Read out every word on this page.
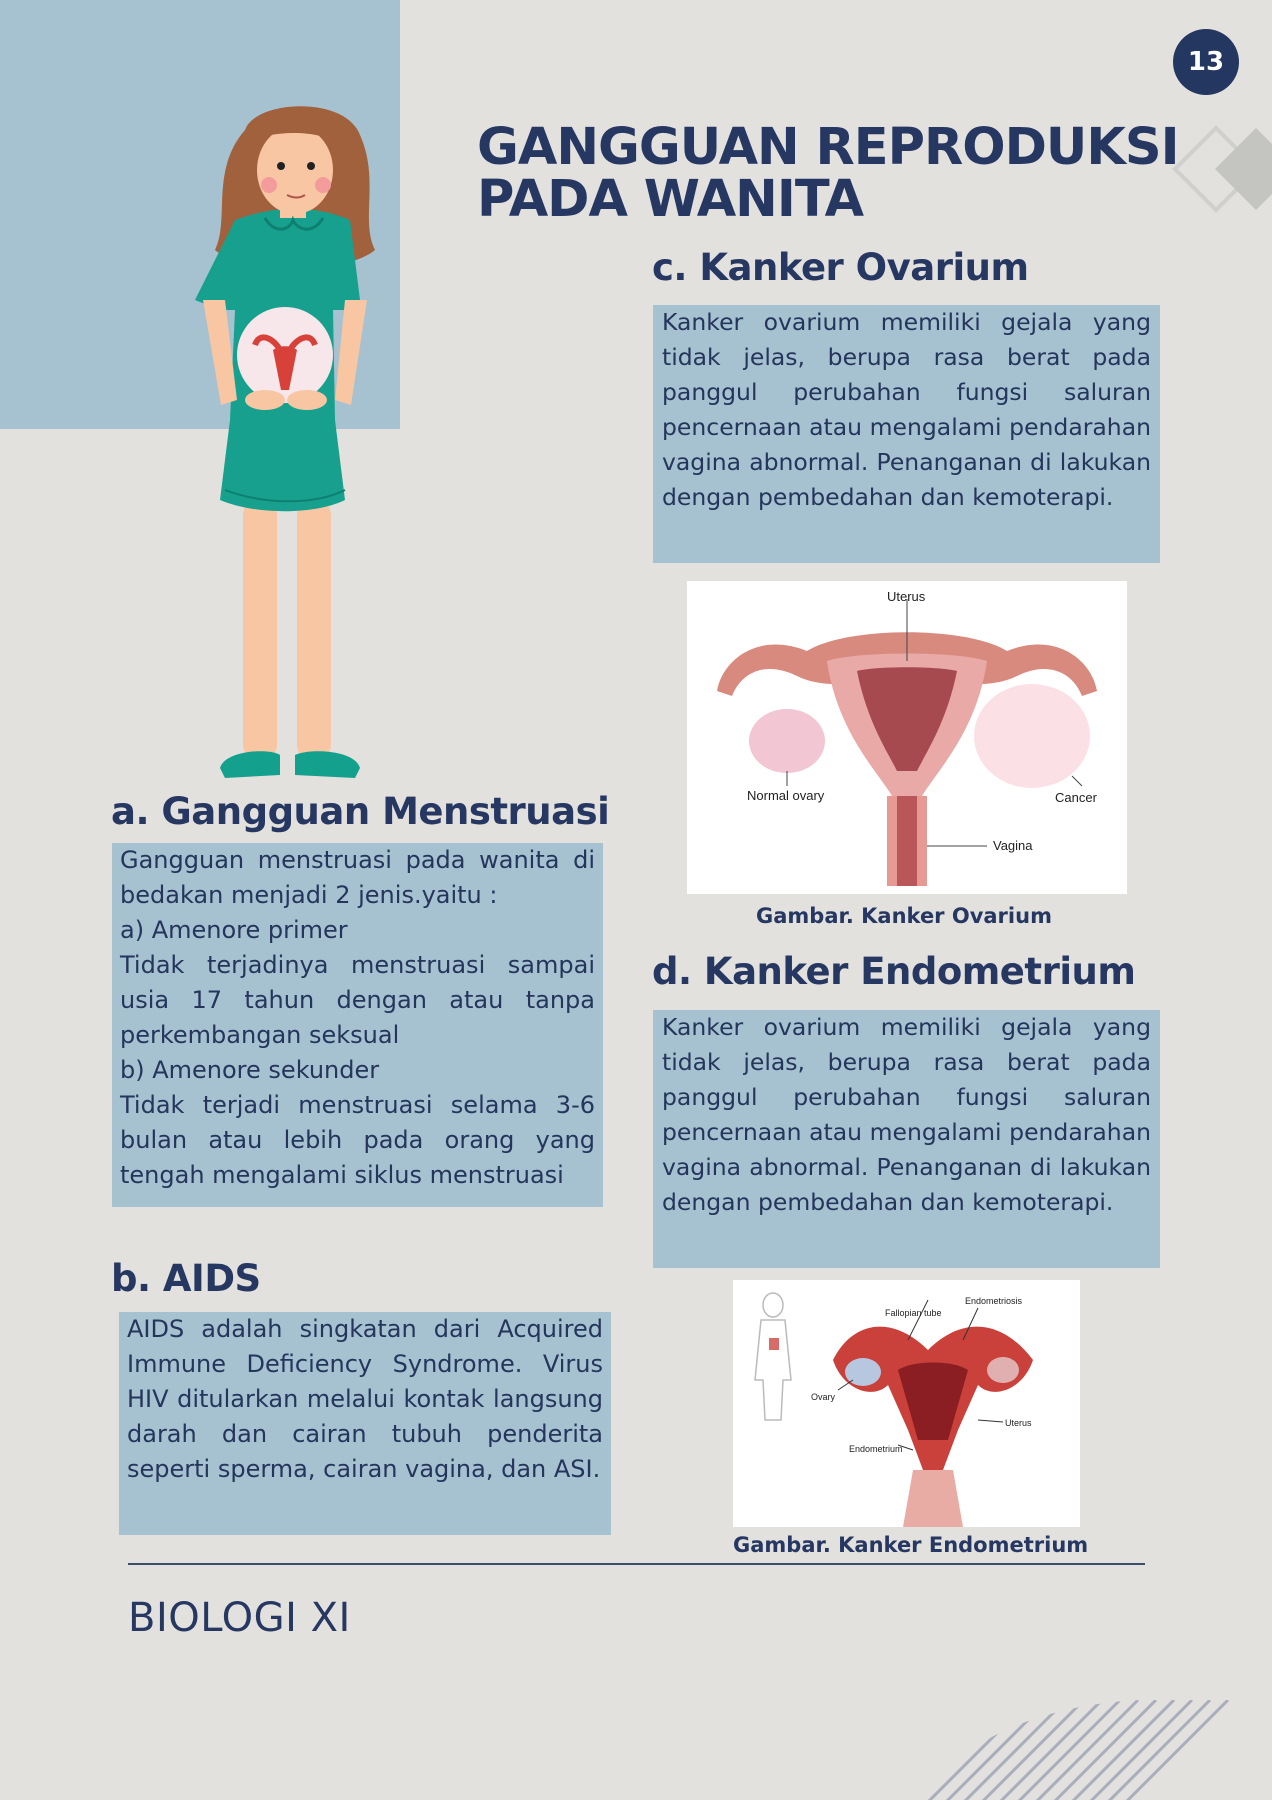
13
GANGGUAN REPRODUKSI
PADA WANITA
c. Kanker Ovarium

Kanker ovarium memiliki gejala yang tidak jelas, berupa rasa berat pada panggul perubahan fungsi saluran pencernaan atau mengalami pendarahan vagina abnormal. Penanganan di lakukan dengan pembedahan dan kemoterapi.

Uterus
Normal ovary	Cancer
Vagina
Gambar. Kanker Ovarium
d. Kanker Endometrium

Kanker ovarium memiliki gejala yang tidak jelas, berupa rasa berat pada panggul perubahan fungsi saluran pencernaan atau mengalami pendarahan vagina abnormal. Penanganan di lakukan dengan pembedahan dan kemoterapi.

Endometriosis
Fallopian tube
Ovary
Uterus
Endometrium
Gambar. Kanker Endometrium
a. Gangguan Menstruasi

Gangguan menstruasi pada wanita di bedakan menjadi 2 jenis.yaitu :

a) Amenore primer

Tidak terjadinya menstruasi sampai usia 17 tahun dengan atau tanpa perkembangan seksual

b) Amenore sekunder

Tidak terjadi menstruasi selama 3-6 bulan atau lebih pada orang yang tengah mengalami siklus menstruasi

b. AIDS

AIDS adalah singkatan dari Acquired Immune Deficiency Syndrome. Virus HIV ditularkan melalui kontak langsung darah dan cairan tubuh penderita seperti sperma, cairan vagina, dan ASI.

BIOLOGI XI
